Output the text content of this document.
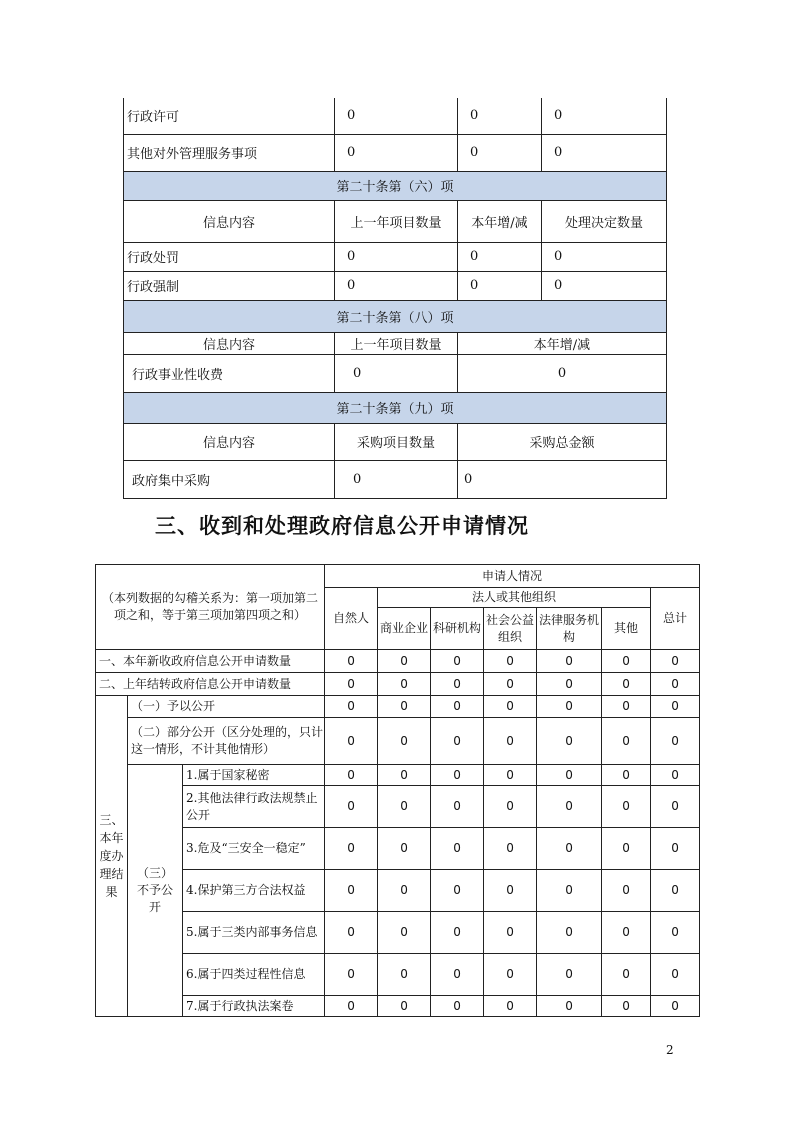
行政许可	0	0	0
其他对外管理服务事项	0	0	0
第二十条第（六）项			
信息内容	上一年项目数量	本年增/减	处理决定数量
行政处罚	0	0	0
行政强制	0	0	0
第二十条第（八）项			
信息内容	上一年项目数量	本年增/减	
行政事业性收费	0	0	
第二十条第（九）项			
信息内容	采购项目数量	采购总金额	
政府集中采购	0	0	
三、收到和处理政府信息公开申请情况
（本列数据的勾稽关系为：第一项加第二项之和，等于第三项加第四项之和）			申请人情况						
			自然人	法人或其他组织					总计
				商业企业	科研机构	社会公益组织	法律服务机构	其他	
一、本年新收政府信息公开申请数量			0	0	0	0	0	0	0
二、上年结转政府信息公开申请数量			0	0	0	0	0	0	0
三、本年度办理结果	（一）予以公开		0	0	0	0	0	0	0
	（二）部分公开（区分处理的，只计这一情形，不计其他情形）		0	0	0	0	0	0	0
	（三）不予公开	1.属于国家秘密	0	0	0	0	0	0	0
		2.其他法律行政法规禁止公开	0	0	0	0	0	0	0
		3.危及“三安全一稳定”	0	0	0	0	0	0	0
		4.保护第三方合法权益	0	0	0	0	0	0	0
		5.属于三类内部事务信息	0	0	0	0	0	0	0
		6.属于四类过程性信息	0	0	0	0	0	0	0
		7.属于行政执法案卷	0	0	0	0	0	0	0
2
